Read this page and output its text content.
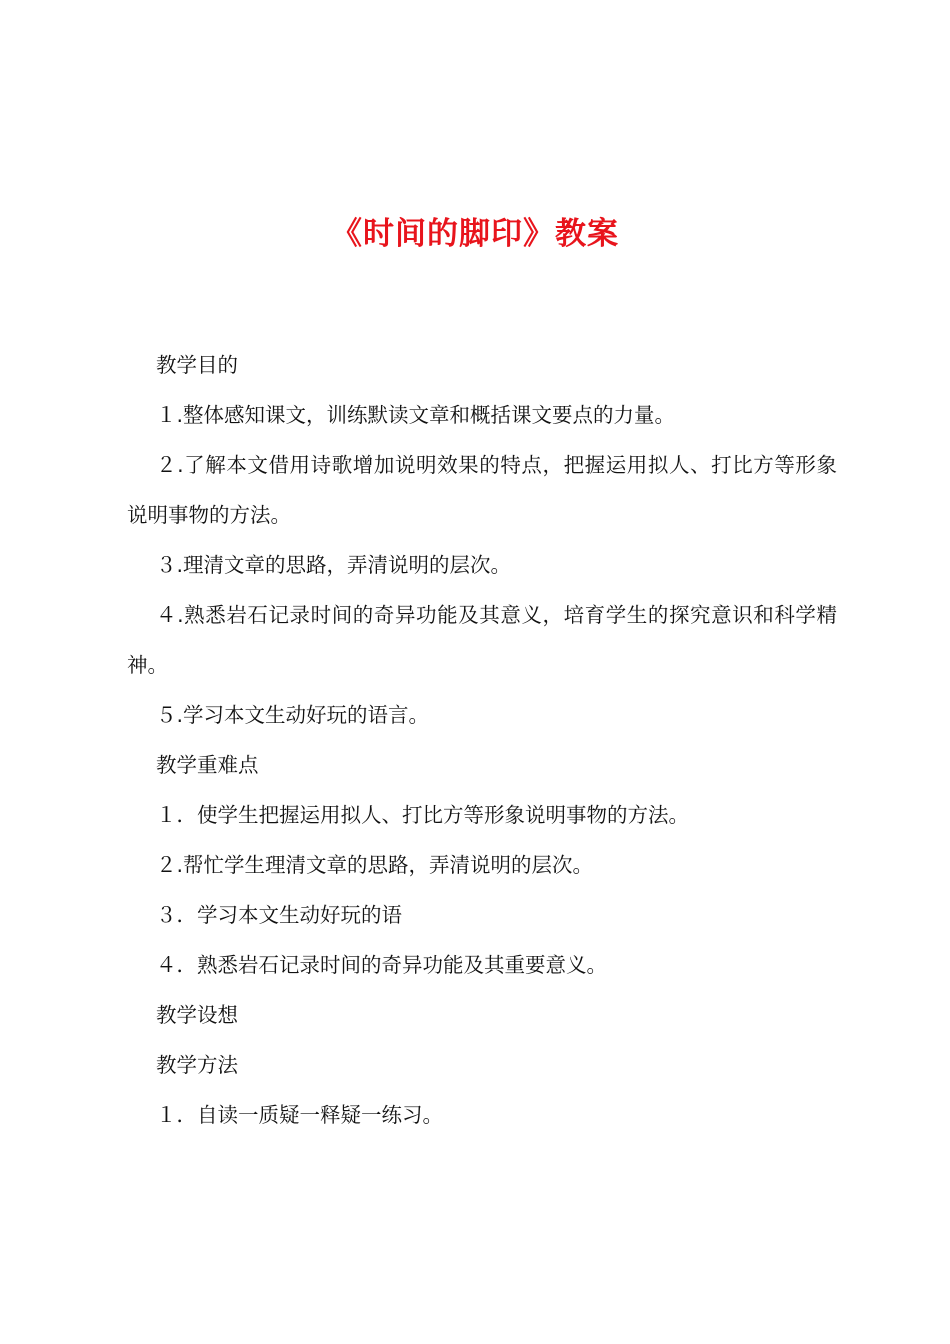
《时间的脚印》教案

教学目的

１.整体感知课文，训练默读文章和概括课文要点的力量。

２.了解本文借用诗歌增加说明效果的特点，把握运用拟人、打比方等形象说明事物的方法。

３.理清文章的思路，弄清说明的层次。

４.熟悉岩石记录时间的奇异功能及其意义，培育学生的探究意识和科学精神。

５.学习本文生动好玩的语言。

教学重难点

１．使学生把握运用拟人、打比方等形象说明事物的方法。

２.帮忙学生理清文章的思路，弄清说明的层次。

３．学习本文生动好玩的语

４．熟悉岩石记录时间的奇异功能及其重要意义。

教学设想

教学方法

１．自读一质疑一释疑一练习。
